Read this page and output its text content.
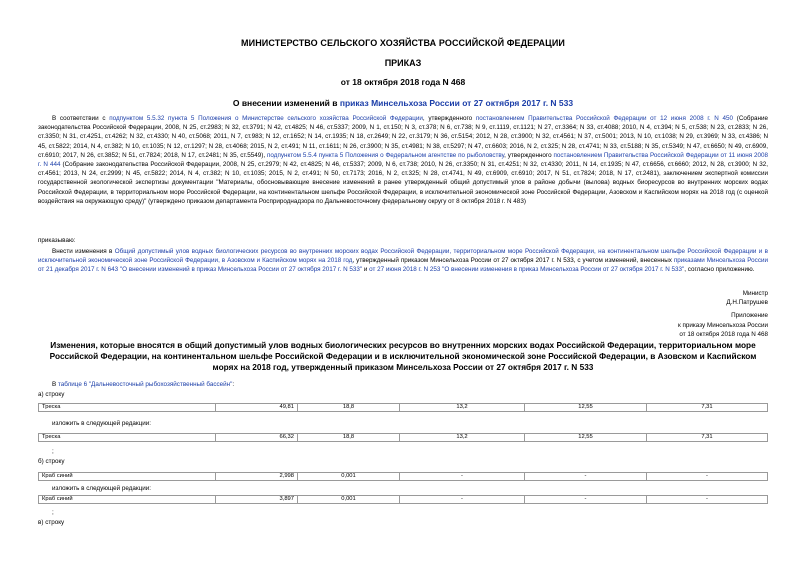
МИНИСТЕРСТВО СЕЛЬСКОГО ХОЗЯЙСТВА РОССИЙСКОЙ ФЕДЕРАЦИИ
ПРИКАЗ
от 18 октября 2018 года N 468
О внесении изменений в приказ Минсельхоза России от 27 октября 2017 г. N 533
В соответствии с подпунктом 5.5.32 пункта 5 Положения о Министерстве сельского хозяйства Российской Федерации, утвержденного постановлением Правительства Российской Федерации от 12 июня 2008 г. N 450 (Собрание законодательства Российской Федерации, 2008, N 25, ст.2983; N 32, ст.3791; N 42, ст.4825; N 46, ст.5337; 2009, N 1, ст.150; N 3, ст.378; N 6, ст.738; N 9, ст.1119, ст.1121; N 27, ст.3364; N 33, ст.4088; 2010, N 4, ст.394; N 5, ст.538; N 23, ст.2833; N 26, ст.3350; N 31, ст.4251, ст.4262; N 32, ст.4330; N 40, ст.5068; 2011, N 7, ст.983; N 12, ст.1652; N 14, ст.1935; N 18, ст.2649; N 22, ст.3179; N 36, ст.5154; 2012, N 28, ст.3900; N 32, ст.4561; N 37, ст.5001; 2013, N 10, ст.1038; N 29, ст.3969; N 33, ст.4386; N 45, ст.5822; 2014, N 4, ст.382; N 10, ст.1035; N 12, ст.1297; N 28, ст.4068; 2015, N 2, ст.491; N 11, ст.1611; N 26, ст.3900; N 35, ст.4981; N 38, ст.5297; N 47, ст.6603; 2016, N 2, ст.325; N 28, ст.4741; N 33, ст.5188; N 35, ст.5349; N 47, ст.6650; N 49, ст.6909, ст.6910; 2017, N 26, ст.3852; N 51, ст.7824; 2018, N 17, ст.2481; N 35, ст.5549), подпунктом 5.5.4 пункта 5 Положения о Федеральном агентстве по рыболовству, утвержденного постановлением Правительства Российской Федерации от 11 июня 2008 г. N 444 (Собрание законодательства Российской Федерации, 2008, N 25, ст.2979; N 42, ст.4825; N 46, ст.5337; 2009, N 6, ст.738; 2010, N 26, ст.3350; N 31, ст.4251; N 32, ст.4330; 2011, N 14, ст.1935; N 47, ст.6656, ст.6660; 2012, N 28, ст.3900; N 32, ст.4561; 2013, N 24, ст.2999; N 45, ст.5822; 2014, N 4, ст.382; N 10, ст.1035; 2015, N 2, ст.491; N 50, ст.7173; 2016, N 2, ст.325; N 28, ст.4741, N 49, ст.6909, ст.6910; 2017, N 51, ст.7824; 2018, N 17, ст.2481), заключением экспертной комиссии государственной экологической экспертизы документации "Материалы, обосновывающие внесение изменений в ранее утвержденный общий допустимый улов в районе добычи (вылова) водных биоресурсов во внутренних морских водах Российской Федерации, в территориальном море Российской Федерации, на континентальном шельфе Российской Федерации, в исключительной экономической зоне Российской Федерации, Азовском и Каспийском морях на 2018 год (с оценкой воздействия на окружающую среду)" (утверждено приказом департамента Росприроднадзора по Дальневосточному федеральному округу от 8 октября 2018 г. N 483)
приказываю:
Внести изменения в Общий допустимый улов водных биологических ресурсов во внутренних морских водах Российской Федерации, территориальном море Российской Федерации, на континентальном шельфе Российской Федерации и в исключительной экономической зоне Российской Федерации, в Азовском и Каспийском морях на 2018 год, утвержденный приказом Минсельхоза России от 27 октября 2017 г. N 533, с учетом изменений, внесенных приказами Минсельхоза России от 21 декабря 2017 г. N 643 "О внесении изменений в приказ Минсельхоза России от 27 октября 2017 г. N 533" и от 27 июня 2018 г. N 253 "О внесении изменения в приказ Минсельхоза России от 27 октября 2017 г. N 533", согласно приложению.
Министр
Д.Н.Патрушев
Приложение
к приказу Минсельхоза России
от 18 октября 2018 года N 468
Изменения, которые вносятся в общий допустимый улов водных биологических ресурсов во внутренних морских водах Российской Федерации, территориальном море Российской Федерации, на континентальном шельфе Российской Федерации и в исключительной экономической зоне Российской Федерации, в Азовском и Каспийском морях на 2018 год, утвержденный приказом Минсельхоза России от 27 октября 2017 г. N 533
В таблице 6 "Дальневосточный рыбохозяйственный бассейн":
а) строку
Треска	49,81	18,8	13,2	12,55	7,31
изложить в следующей редакции:
Треска	66,32	18,8	13,2	12,55	7,31
;
б) строку
Краб синий	2,998	0,001	-	-	-
изложить в следующей редакции:
Краб синий	3,897	0,001	-	-	-
;
в) строку
